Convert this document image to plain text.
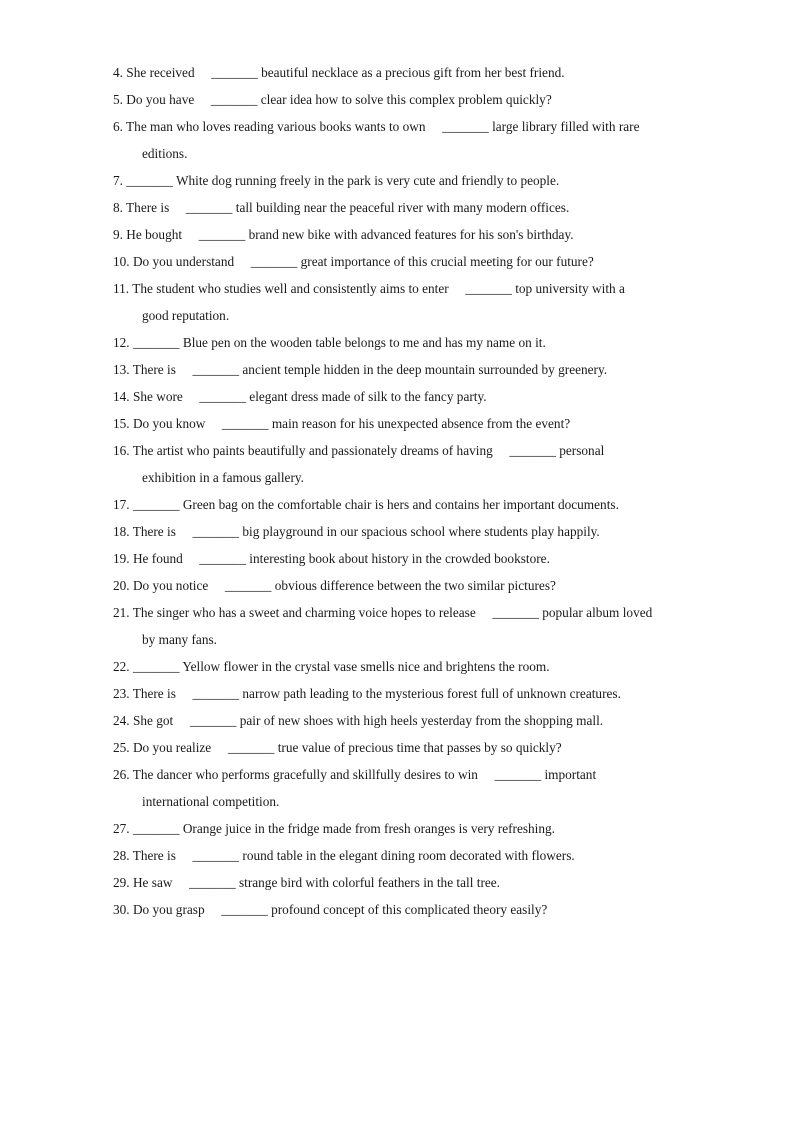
4. She received _______ beautiful necklace as a precious gift from her best friend.
5. Do you have _______ clear idea how to solve this complex problem quickly?
6. The man who loves reading various books wants to own _______ large library filled with rare
editions.
7. _______ White dog running freely in the park is very cute and friendly to people.
8. There is _______ tall building near the peaceful river with many modern offices.
9. He bought _______ brand new bike with advanced features for his son's birthday.
10. Do you understand _______ great importance of this crucial meeting for our future?
11. The student who studies well and consistently aims to enter _______ top university with a
good reputation.
12. _______ Blue pen on the wooden table belongs to me and has my name on it.
13. There is _______ ancient temple hidden in the deep mountain surrounded by greenery.
14. She wore _______ elegant dress made of silk to the fancy party.
15. Do you know _______ main reason for his unexpected absence from the event?
16. The artist who paints beautifully and passionately dreams of having _______ personal
exhibition in a famous gallery.
17. _______ Green bag on the comfortable chair is hers and contains her important documents.
18. There is _______ big playground in our spacious school where students play happily.
19. He found _______ interesting book about history in the crowded bookstore.
20. Do you notice _______ obvious difference between the two similar pictures?
21. The singer who has a sweet and charming voice hopes to release _______ popular album loved
by many fans.
22. _______ Yellow flower in the crystal vase smells nice and brightens the room.
23. There is _______ narrow path leading to the mysterious forest full of unknown creatures.
24. She got _______ pair of new shoes with high heels yesterday from the shopping mall.
25. Do you realize _______ true value of precious time that passes by so quickly?
26. The dancer who performs gracefully and skillfully desires to win _______ important
international competition.
27. _______ Orange juice in the fridge made from fresh oranges is very refreshing.
28. There is _______ round table in the elegant dining room decorated with flowers.
29. He saw _______ strange bird with colorful feathers in the tall tree.
30. Do you grasp _______ profound concept of this complicated theory easily?
